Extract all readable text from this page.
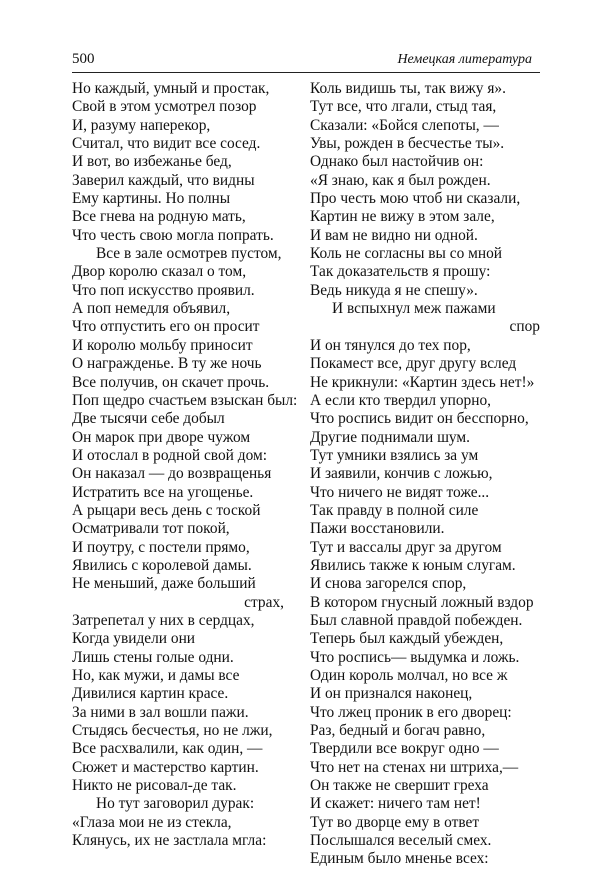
500	Немецкая литература
Но каждый, умный и простак,
Свой в этом усмотрел позор
И, разуму наперекор,
Считал, что видит все сосед.
И вот, во избежанье бед,
Заверил каждый, что видны
Ему картины. Но полны
Все гнева на родную мать,
Что честь свою могла попрать.
Все в зале осмотрев пустом,
Двор королю сказал о том,
Что поп искусство проявил.
А поп немедля объявил,
Что отпустить его он просит
И королю мольбу приносит
О награжденье. В ту же ночь
Все получив, он скачет прочь.
Поп щедро счастьем взыскан был:
Две тысячи себе добыл
Он марок при дворе чужом
И отослал в родной свой дом:
Он наказал — до возвращенья
Истратить все на угощенье.
А рыцари весь день с тоской
Осматривали тот покой,
И поутру, с постели прямо,
Явились с королевой дамы.
Не меньший, даже больший
страх,
Затрепетал у них в сердцах,
Когда увидели они
Лишь стены голые одни.
Но, как мужи, и дамы все
Дивилися картин красе.
За ними в зал вошли пажи.
Стыдясь бесчестья, но не лжи,
Все расхвалили, как один, —
Сюжет и мастерство картин.
Никто не рисовал-де так.
Но тут заговорил дурак:
«Глаза мои не из стекла,
Клянусь, их не застлала мгла:
Коль видишь ты, так вижу я».
Тут все, что лгали, стыд тая,
Сказали: «Бойся слепоты, —
Увы, рожден в бесчестье ты».
Однако был настойчив он:
«Я знаю, как я был рожден.
Про честь мою чтоб ни сказали,
Картин не вижу в этом зале,
И вам не видно ни одной.
Коль не согласны вы со мной
Так доказательств я прошу:
Ведь никуда я не спешу».
И вспыхнул меж пажами
спор
И он тянулся до тех пор,
Покамест все, друг другу вслед
Не крикнули: «Картин здесь нет!»
А если кто твердил упорно,
Что роспись видит он бесспорно,
Другие поднимали шум.
Тут умники взялись за ум
И заявили, кончив с ложью,
Что ничего не видят тоже...
Так правду в полной силе
Пажи восстановили.
Тут и вассалы друг за другом
Явились также к юным слугам.
И снова загорелся спор,
В котором гнусный ложный вздор
Был славной правдой побежден.
Теперь был каждый убежден,
Что роспись— выдумка и ложь.
Один король молчал, но все ж
И он признался наконец,
Что лжец проник в его дворец:
Раз, бедный и богач равно,
Твердили все вокруг одно —
Что нет на стенах ни штриха,—
Он также не свершит греха
И скажет: ничего там нет!
Тут во дворце ему в ответ
Послышался веселый смех.
Единым было мненье всех:
